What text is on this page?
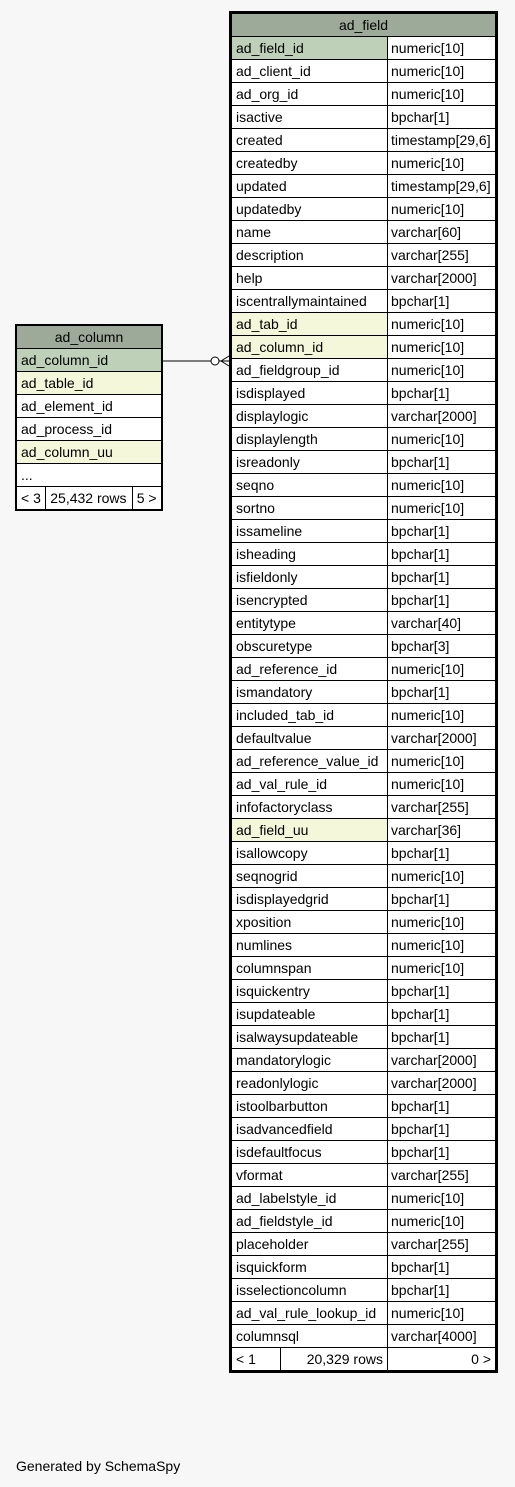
ad_column
ad_column_id
ad_table_id
ad_element_id
ad_process_id
ad_column_uu
...
< 3	25,432 rows	5 >
ad_field		
ad_field_id		numeric[10]
ad_client_id		numeric[10]
ad_org_id		numeric[10]
isactive		bpchar[1]
created		timestamp[29,6]
createdby		numeric[10]
updated		timestamp[29,6]
updatedby		numeric[10]
name		varchar[60]
description		varchar[255]
help		varchar[2000]
iscentrallymaintained		bpchar[1]
ad_tab_id		numeric[10]
ad_column_id		numeric[10]
ad_fieldgroup_id		numeric[10]
isdisplayed		bpchar[1]
displaylogic		varchar[2000]
displaylength		numeric[10]
isreadonly		bpchar[1]
seqno		numeric[10]
sortno		numeric[10]
issameline		bpchar[1]
isheading		bpchar[1]
isfieldonly		bpchar[1]
isencrypted		bpchar[1]
entitytype		varchar[40]
obscuretype		bpchar[3]
ad_reference_id		numeric[10]
ismandatory		bpchar[1]
included_tab_id		numeric[10]
defaultvalue		varchar[2000]
ad_reference_value_id		numeric[10]
ad_val_rule_id		numeric[10]
infofactoryclass		varchar[255]
ad_field_uu		varchar[36]
isallowcopy		bpchar[1]
seqnogrid		numeric[10]
isdisplayedgrid		bpchar[1]
xposition		numeric[10]
numlines		numeric[10]
columnspan		numeric[10]
isquickentry		bpchar[1]
isupdateable		bpchar[1]
isalwaysupdateable		bpchar[1]
mandatorylogic		varchar[2000]
readonlylogic		varchar[2000]
istoolbarbutton		bpchar[1]
isadvancedfield		bpchar[1]
isdefaultfocus		bpchar[1]
vformat		varchar[255]
ad_labelstyle_id		numeric[10]
ad_fieldstyle_id		numeric[10]
placeholder		varchar[255]
isquickform		bpchar[1]
isselectioncolumn		bpchar[1]
ad_val_rule_lookup_id		numeric[10]
columnsql		varchar[4000]
< 1	20,329 rows	0 >
Generated by SchemaSpy
